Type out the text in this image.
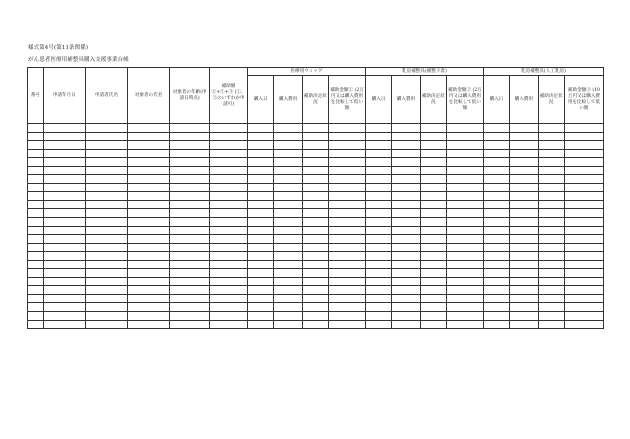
様式第4号(第11条関係)
がん患者医療用補整具購入支援事業台帳
番号	申請年月日	申請者氏名	対象者の氏名	対象者の年齢(申請日時点)	補助額 ①+②+③ (①、②のいずれか申請可)	医療用ウィッグ				乳房補整具(補整下着)				乳房補整具(人工乳房)			

						購入日	購入費用	補助決定状況	補助金額① (2万円又は購入費用を比較して低い額	購入日	購入費用	補助決定状況	補助金額② (2万円又は購入費用を比較して低い額	購入日	購入費用	補助決定状況	補助金額③ (10万円又は購入費用を比較して低い額
